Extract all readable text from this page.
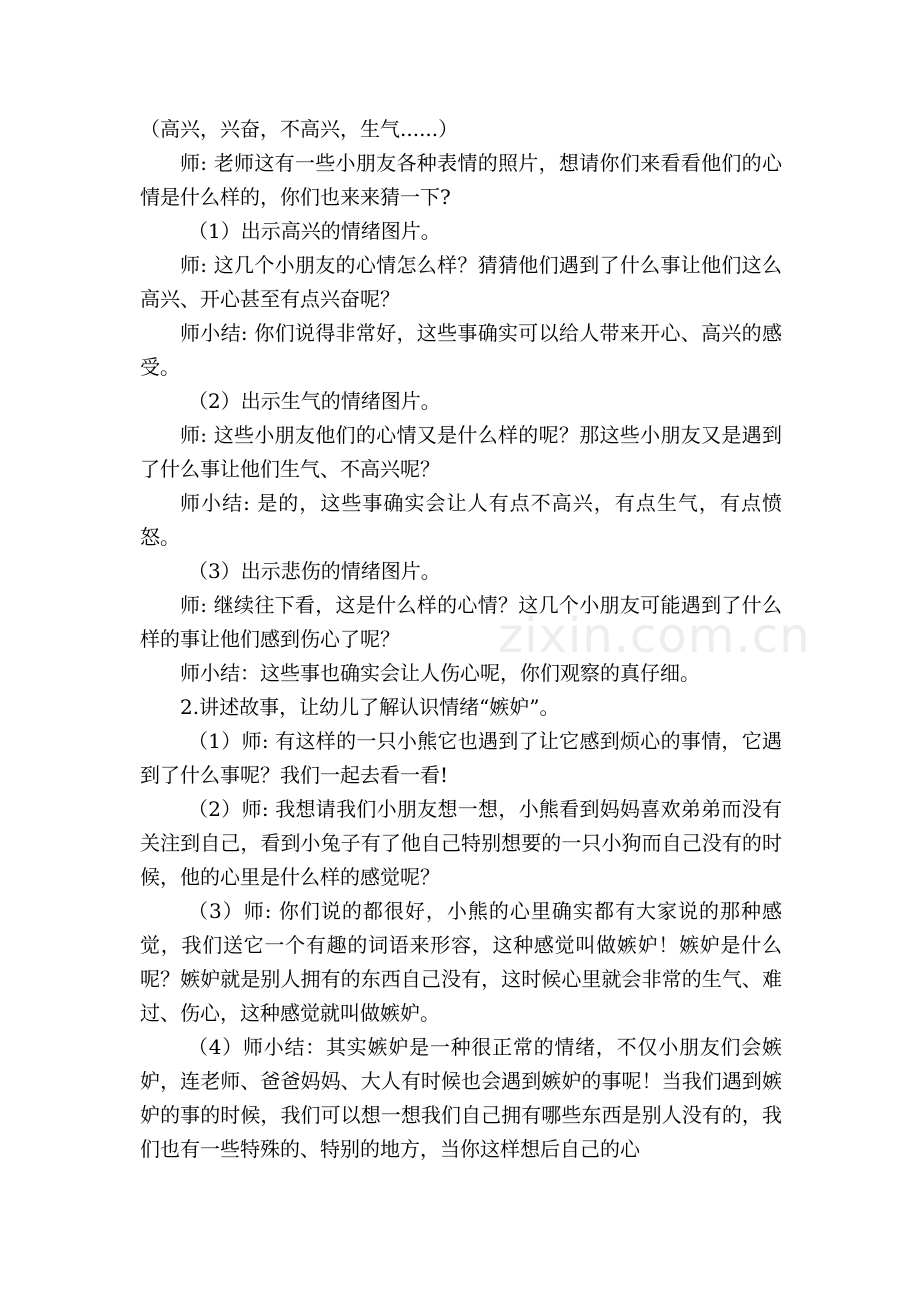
（高兴，兴奋，不高兴，生气......）

师: 老师这有一些小朋友各种表情的照片，想请你们来看看他们的心情是什么样的，你们也来来猜一下?

（1）出示高兴的情绪图片。

师: 这几个小朋友的心情怎么样？猜猜他们遇到了什么事让他们这么高兴、开心甚至有点兴奋呢？

师小结: 你们说得非常好，这些事确实可以给人带来开心、高兴的感受。

（2）出示生气的情绪图片。

师: 这些小朋友他们的心情又是什么样的呢？那这些小朋友又是遇到了什么事让他们生气、不高兴呢？

师小结: 是的，这些事确实会让人有点不高兴，有点生气，有点愤怒。

（3）出示悲伤的情绪图片。

师: 继续往下看，这是什么样的心情？这几个小朋友可能遇到了什么样的事让他们感到伤心了呢？

师小结：这些事也确实会让人伤心呢，你们观察的真仔细。

2.讲述故事，让幼儿了解认识情绪“嫉妒”。

（1）师: 有这样的一只小熊它也遇到了让它感到烦心的事情，它遇到了什么事呢？我们一起去看一看!

（2）师: 我想请我们小朋友想一想，小熊看到妈妈喜欢弟弟而没有关注到自己，看到小兔子有了他自己特别想要的一只小狗而自己没有的时候，他的心里是什么样的感觉呢？

（3）师: 你们说的都很好，小熊的心里确实都有大家说的那种感觉，我们送它一个有趣的词语来形容，这种感觉叫做嫉妒！嫉妒是什么呢？嫉妒就是别人拥有的东西自己没有，这时候心里就会非常的生气、难过、伤心，这种感觉就叫做嫉妒。

（4）师小结：其实嫉妒是一种很正常的情绪，不仅小朋友们会嫉妒，连老师、爸爸妈妈、大人有时候也会遇到嫉妒的事呢！当我们遇到嫉妒的事的时候，我们可以想一想我们自己拥有哪些东西是别人没有的，我们也有一些特殊的、特别的地方，当你这样想后自己的心

zixin.com.cn
